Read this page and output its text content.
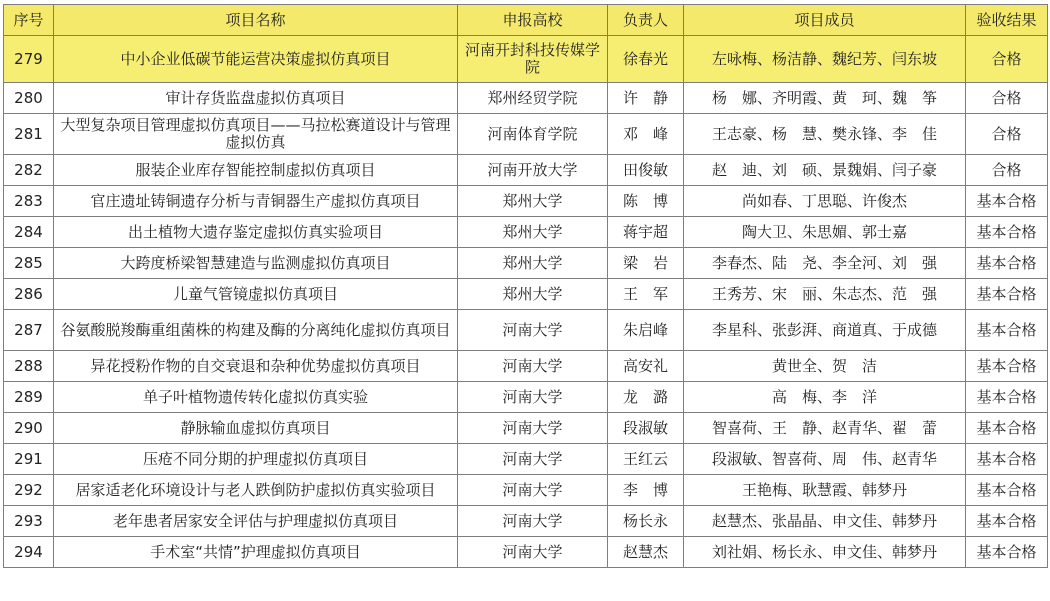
序号	项目名称	申报高校	负责人	项目成员	验收结果
279	中小企业低碳节能运营决策虚拟仿真项目	河南开封科技传媒学院	徐春光	左咏梅、杨洁静、魏纪芳、闫东坡	合格
280	审计存货监盘虚拟仿真项目	郑州经贸学院	许　静	杨　娜、齐明霞、黄　珂、魏　筝	合格
281	大型复杂项目管理虚拟仿真项目——马拉松赛道设计与管理虚拟仿真	河南体育学院	邓　峰	王志豪、杨　慧、樊永锋、李　佳	合格
282	服装企业库存智能控制虚拟仿真项目	河南开放大学	田俊敏	赵　迪、刘　硕、景魏娟、闫子豪	合格
283	官庄遗址铸铜遗存分析与青铜器生产虚拟仿真项目	郑州大学	陈　博	尚如春、丁思聪、许俊杰	基本合格
284	出土植物大遗存鉴定虚拟仿真实验项目	郑州大学	蒋宇超	陶大卫、朱思媚、郭士嘉	基本合格
285	大跨度桥梁智慧建造与监测虚拟仿真项目	郑州大学	梁　岩	李春杰、陆　尧、李全河、刘　强	基本合格
286	儿童气管镜虚拟仿真项目	郑州大学	王　军	王秀芳、宋　丽、朱志杰、范　强	基本合格
287	谷氨酸脱羧酶重组菌株的构建及酶的分离纯化虚拟仿真项目	河南大学	朱启峰	李星科、张彭湃、商道真、于成德	基本合格
288	异花授粉作物的自交衰退和杂种优势虚拟仿真项目	河南大学	高安礼	黄世全、贺　洁	基本合格
289	单子叶植物遗传转化虚拟仿真实验	河南大学	龙　潞	高　梅、李　洋	基本合格
290	静脉输血虚拟仿真项目	河南大学	段淑敏	智喜荷、王　静、赵青华、翟　蕾	基本合格
291	压疮不同分期的护理虚拟仿真项目	河南大学	王红云	段淑敏、智喜荷、周　伟、赵青华	基本合格
292	居家适老化环境设计与老人跌倒防护虚拟仿真实验项目	河南大学	李　博	王艳梅、耿慧霞、韩梦丹	基本合格
293	老年患者居家安全评估与护理虚拟仿真项目	河南大学	杨长永	赵慧杰、张晶晶、申文佳、韩梦丹	基本合格
294	手术室“共情”护理虚拟仿真项目	河南大学	赵慧杰	刘社娟、杨长永、申文佳、韩梦丹	基本合格
